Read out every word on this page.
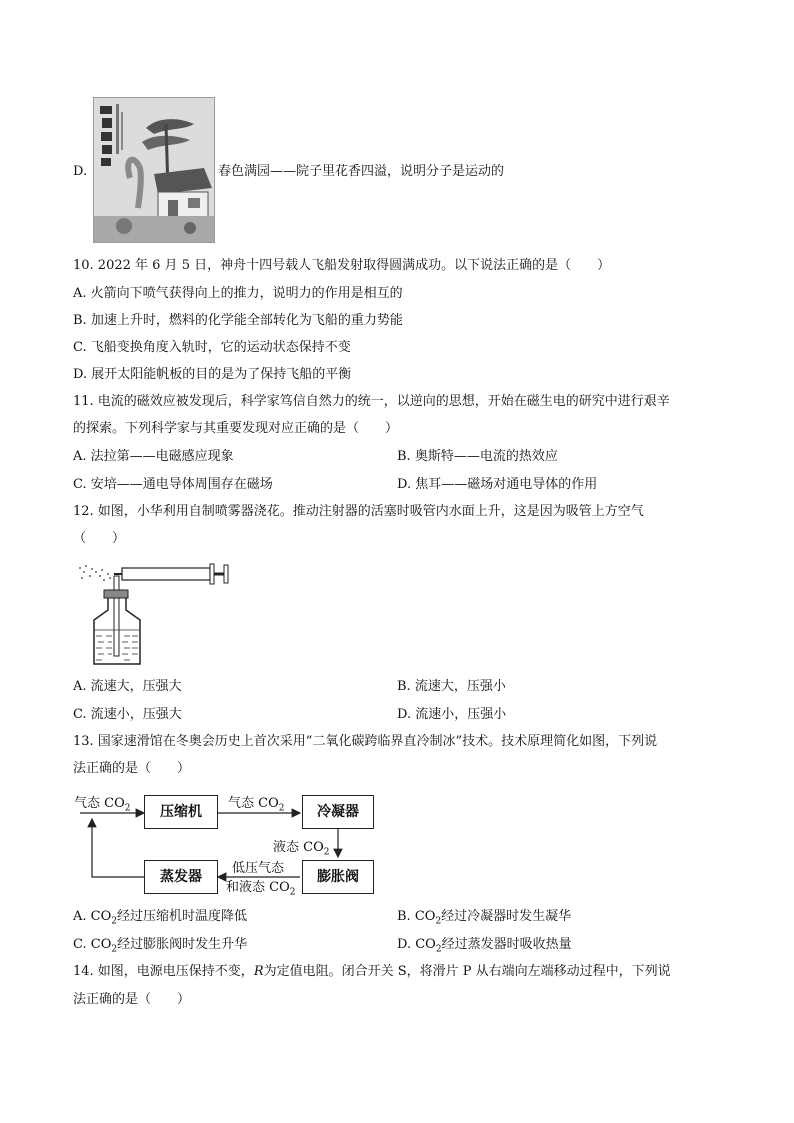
D.	春色满园——院子里花香四溢，说明分子是运动的
10. 2022 年 6 月 5 日，神舟十四号载人飞船发射取得圆满成功。以下说法正确的是（　　）
A. 火箭向下喷气获得向上的推力，说明力的作用是相互的
B. 加速上升时，燃料的化学能全部转化为飞船的重力势能
C. 飞船变换角度入轨时，它的运动状态保持不变
D. 展开太阳能帆板的目的是为了保持飞船的平衡
11. 电流的磁效应被发现后，科学家笃信自然力的统一，以逆向的思想，开始在磁生电的研究中进行艰辛
的探索。下列科学家与其重要发现对应正确的是（　　）
A. 法拉第——电磁感应现象	B. 奥斯特——电流的热效应
C. 安培——通电导体周围存在磁场	D. 焦耳——磁场对通电导体的作用
12. 如图，小华利用自制喷雾器浇花。推动注射器的活塞时吸管内水面上升，这是因为吸管上方空气
（　　）
A. 流速大，压强大	B. 流速大，压强小
C. 流速小，压强大	D. 流速小，压强小
13. 国家速滑馆在冬奥会历史上首次采用“二氧化碳跨临界直冷制冰”技术。技术原理简化如图，下列说
法正确的是（　　）
压缩机	冷凝器
膨胀阀
蒸发器
气态 $CO_2$	气态 $CO_2$
液态 $CO_2$
低压气态
和液态 $CO_2$
A. $CO_2$经过压缩机时温度降低	B. $CO_2$经过冷凝器时发生凝华
C. $CO_2$经过膨胀阀时发生升华	D. $CO_2$经过蒸发器时吸收热量
14. 如图，电源电压保持不变，R为定值电阻。闭合开关 S，将滑片 P 从右端向左端移动过程中，下列说
法正确的是（　　）
